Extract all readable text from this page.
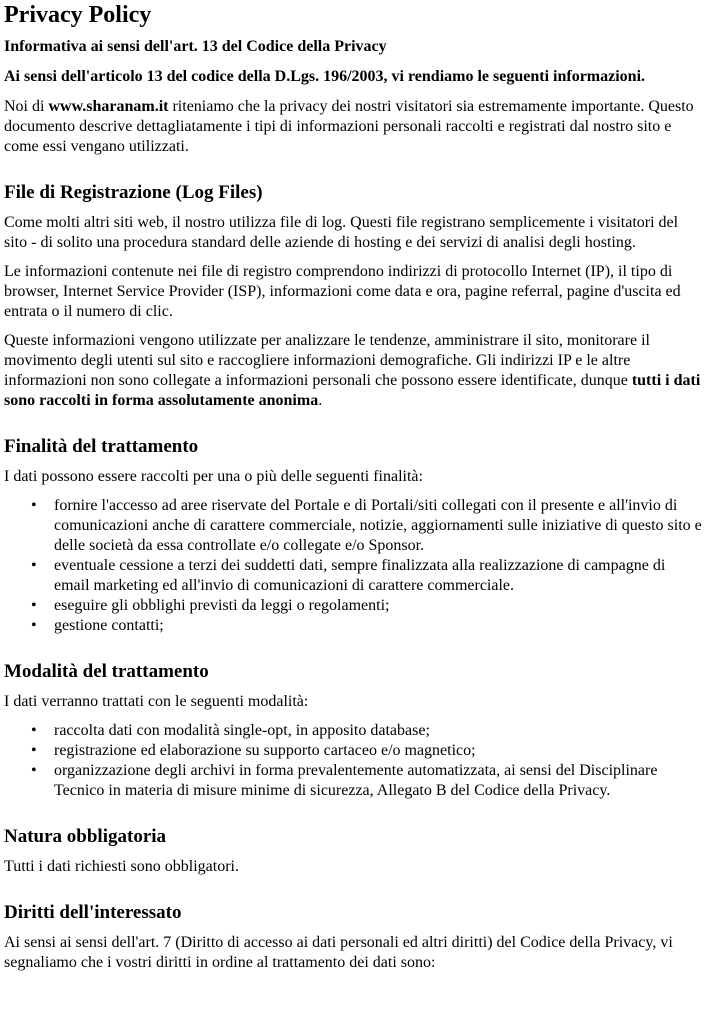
Privacy Policy
Informativa ai sensi dell'art. 13 del Codice della Privacy
Ai sensi dell'articolo 13 del codice della D.Lgs. 196/2003, vi rendiamo le seguenti informazioni.

Noi di www.sharanam.it riteniamo che la privacy dei nostri visitatori sia estremamente importante. Questo documento descrive dettagliatamente i tipi di informazioni personali raccolti e registrati dal nostro sito e come essi vengano utilizzati.

File di Registrazione (Log Files)

Come molti altri siti web, il nostro utilizza file di log. Questi file registrano semplicemente i visitatori del sito - di solito una procedura standard delle aziende di hosting e dei servizi di analisi degli hosting.

Le informazioni contenute nei file di registro comprendono indirizzi di protocollo Internet (IP), il tipo di browser, Internet Service Provider (ISP), informazioni come data e ora, pagine referral, pagine d'uscita ed entrata o il numero di clic.

Queste informazioni vengono utilizzate per analizzare le tendenze, amministrare il sito, monitorare il movimento degli utenti sul sito e raccogliere informazioni demografiche. Gli indirizzi IP e le altre informazioni non sono collegate a informazioni personali che possono essere identificate, dunque tutti i dati sono raccolti in forma assolutamente anonima.

Finalità del trattamento

I dati possono essere raccolti per una o più delle seguenti finalità:

• fornire l'accesso ad aree riservate del Portale e di Portali/siti collegati con il presente e all'invio di comunicazioni anche di carattere commerciale, notizie, aggiornamenti sulle iniziative di questo sito e delle società da essa controllate e/o collegate e/o Sponsor.
• eventuale cessione a terzi dei suddetti dati, sempre finalizzata alla realizzazione di campagne di email marketing ed all'invio di comunicazioni di carattere commerciale.
• eseguire gli obblighi previsti da leggi o regolamenti;
• gestione contatti;
Modalità del trattamento

I dati verranno trattati con le seguenti modalità:

• raccolta dati con modalità single-opt, in apposito database;
• registrazione ed elaborazione su supporto cartaceo e/o magnetico;
• organizzazione degli archivi in forma prevalentemente automatizzata, ai sensi del Disciplinare Tecnico in materia di misure minime di sicurezza, Allegato B del Codice della Privacy.
Natura obbligatoria

Tutti i dati richiesti sono obbligatori.

Diritti dell'interessato

Ai sensi ai sensi dell'art. 7 (Diritto di accesso ai dati personali ed altri diritti) del Codice della Privacy, vi segnaliamo che i vostri diritti in ordine al trattamento dei dati sono:
